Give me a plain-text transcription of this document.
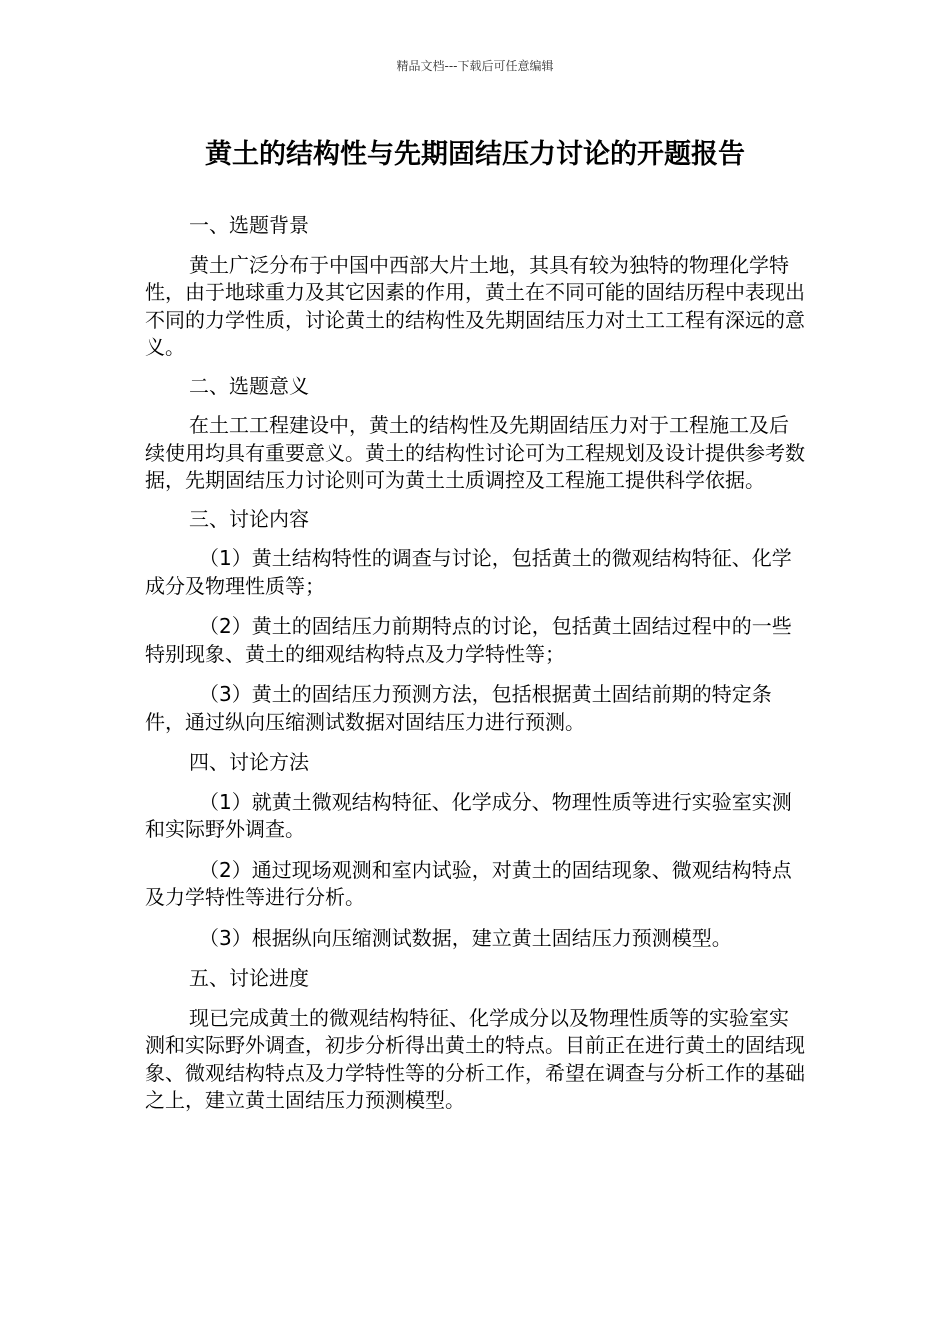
精品文档---下载后可任意编辑
黄土的结构性与先期固结压力讨论的开题报告

一、选题背景

黄土广泛分布于中国中西部大片土地，其具有较为独特的物理化学特性，由于地球重力及其它因素的作用，黄土在不同可能的固结历程中表现出不同的力学性质，讨论黄土的结构性及先期固结压力对土工工程有深远的意义。

二、选题意义

在土工工程建设中，黄土的结构性及先期固结压力对于工程施工及后续使用均具有重要意义。黄土的结构性讨论可为工程规划及设计提供参考数据，先期固结压力讨论则可为黄土土质调控及工程施工提供科学依据。

三、讨论内容

（1）黄土结构特性的调查与讨论，包括黄土的微观结构特征、化学成分及物理性质等；

（2）黄土的固结压力前期特点的讨论，包括黄土固结过程中的一些特别现象、黄土的细观结构特点及力学特性等；

（3）黄土的固结压力预测方法，包括根据黄土固结前期的特定条件，通过纵向压缩测试数据对固结压力进行预测。

四、讨论方法

（1）就黄土微观结构特征、化学成分、物理性质等进行实验室实测和实际野外调查。

（2）通过现场观测和室内试验，对黄土的固结现象、微观结构特点及力学特性等进行分析。

（3）根据纵向压缩测试数据，建立黄土固结压力预测模型。

五、讨论进度

现已完成黄土的微观结构特征、化学成分以及物理性质等的实验室实测和实际野外调查，初步分析得出黄土的特点。目前正在进行黄土的固结现象、微观结构特点及力学特性等的分析工作，希望在调查与分析工作的基础之上，建立黄土固结压力预测模型。
